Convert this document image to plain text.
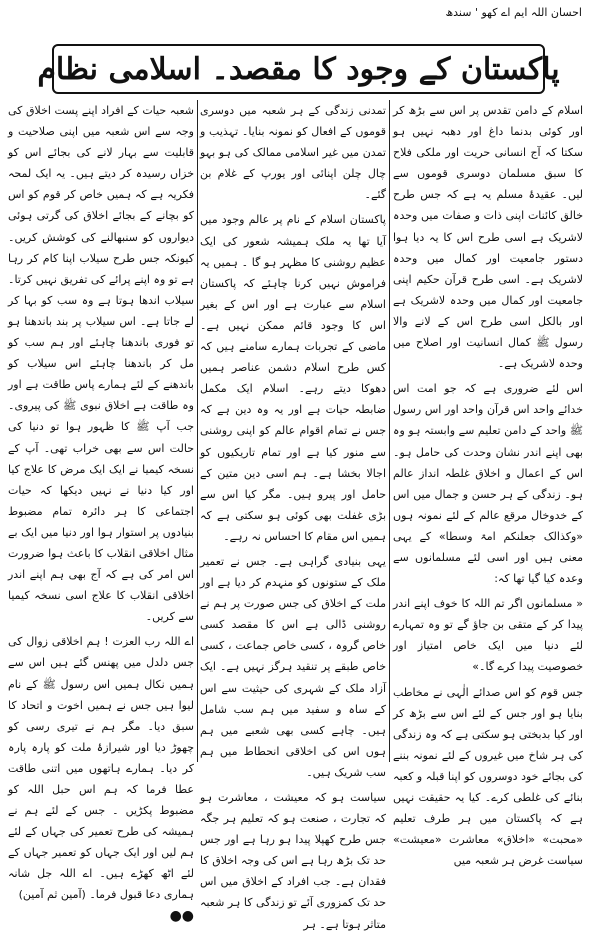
احسان اللہ ایم اے کھو ' سندھ
پاکستان کے وجود کا مقصد۔ اسلامی نظام

اسلام کے دامن تقدس پر اس سے بڑھ کر اور کوئی بدنما داغ اور دھبہ نہیں ہو سکتا کہ آج انسانی حریت اور ملکی فلاح کا سبق مسلمان دوسری قوموں سے لیں۔ عقیدۂ مسلم یہ ہے کہ جس طرح خالق کائنات اپنی ذات و صفات میں وحدہ لاشریک ہے اسی طرح اس کا یہ دیا ہوا دستور جامعیت اور کمال میں وحدہ لاشریک ہے۔ اسی طرح قرآن حکیم اپنی جامعیت اور کمال میں وحدہ لاشریک ہے اور بالکل اسی طرح اس کے لانے والا رسول ﷺ کمال انسانیت اور اصلاح میں وحدہ لاشریک ہے۔

اس لئے ضروری ہے کہ جو امت اس خدائے واحد اس قرآن واحد اور اس رسول ﷺ واحد کے دامن تعلیم سے وابستہ ہو وہ بھی اپنے اندر نشان وحدت کی حامل ہو۔ اس کے اعمال و اخلاق غلطہ انداز عالم ہو۔ زندگی کے ہر حسن و جمال میں اس کے خدوخال مرقع عالم کے لئے نمونہ ہوں «وکذالک جعلنکم امۃ وسطا» کے یہی معنی ہیں اور اسی لئے مسلمانوں سے وعدہ کیا گیا تھا کہ:

« مسلمانوں اگر تم اللہ کا خوف اپنے اندر پیدا کر کے متقی بن جاؤ گے تو وہ تمہارے لئے دنیا میں ایک خاص امتیاز اور خصوصیت پیدا کرے گا۔»

جس قوم کو اس صدائے الٰہی نے مخاطب بنایا ہو اور جس کے لئے اس سے بڑھ کر اور کیا بدبختی ہو سکتی ہے کہ وہ زندگی کی ہر شاخ میں غیروں کے لئے نمونہ بننے کی بجائے خود دوسروں کو اپنا قبلہ و کعبہ بنائے کی غلطی کرے۔ کیا یہ حقیقت نہیں ہے کہ پاکستان میں ہر طرف تعلیم «محبت» «اخلاق» معاشرت «معیشت» سیاست غرض ہر شعبہ میں

تمدنی زندگی کے ہر شعبہ میں دوسری قوموں کے افعال کو نمونہ بنایا۔ تہذیب و تمدن میں غیر اسلامی ممالک کی ہو بہو چال چلن اپنائی اور یورپ کے غلام بن گئے۔

پاکستان اسلام کے نام پر عالم وجود میں آیا تھا یہ ملک ہمیشہ شعور کی ایک عظیم روشنی کا مظہر ہو گا ۔ ہمیں یہ فراموش نہیں کرنا چاہئے کہ پاکستان اسلام سے عبارت ہے اور اس کے بغیر اس کا وجود قائم ممکن نہیں ہے۔ ماضی کے تجربات ہمارے سامنے ہیں کہ کس طرح اسلام دشمن عناصر ہمیں دھوکا دیتے رہے۔ اسلام ایک مکمل ضابطہ حیات ہے اور یہ وہ دین ہے کہ جس نے تمام اقوام عالم کو اپنی روشنی سے منور کیا ہے اور تمام تاریکیوں کو اجالا بخشا ہے۔ ہم اسی دین متین کے حامل اور پیرو ہیں۔ مگر کیا اس سے بڑی غفلت بھی کوئی ہو سکتی ہے کہ ہمیں اس مقام کا احساس نہ رہے۔

یہی بنیادی گراہی ہے۔ جس نے تعمیر ملک کے ستونوں کو منہدم کر دیا ہے اور ملت کے اخلاق کی جس صورت پر ہم نے روشنی ڈالی ہے اس کا مقصد کسی خاص گروہ ، کسی خاص جماعت ، کسی خاص طبقے پر تنقید ہرگز نہیں ہے۔ ایک آزاد ملک کے شہری کی حیثیت سے اس کے ساہ و سفید میں ہم سب شامل ہیں۔ چاہے کسی بھی شعبے میں ہم ہوں اس کی اخلاقی انحطاط میں ہم سب شریک ہیں۔

سیاست ہو کہ معیشت ، معاشرت ہو کہ تجارت ، صنعت ہو کہ تعلیم ہر جگہ جس طرح کھپلا پیدا ہو رہا ہے اور جس حد تک بڑھ رہا ہے اس کی وجہ اخلاق کا فقدان ہے۔ جب افراد کے اخلاق میں اس حد تک کمزوری آئے تو زندگی کا ہر شعبہ متاثر ہوتا ہے۔ ہر

شعبہ حیات کے افراد اپنے پست اخلاق کی وجہ سے اس شعبہ میں اپنی صلاحیت و قابلیت سے بہار لانے کی بجائے اس کو خزاں رسیدہ کر دیتے ہیں۔ یہ ایک لمحہ فکریہ ہے کہ ہمیں خاص کر قوم کو اس کو بچانے کے بجائے اخلاق کی گرتی ہوئی دیواروں کو سنبھالنے کی کوشش کریں۔ کیونکہ جس طرح سیلاب اپنا کام کر رہا ہے تو وہ اپنے پرائے کی تفریق نہیں کرتا۔ سیلاب اندھا ہوتا ہے وہ سب کو بہا کر لے جاتا ہے۔ اس سیلاب پر بند باندھنا ہو تو فوری باندھنا چاہئے اور ہم سب کو مل کر باندھنا چاہئے اس سیلاب کو باندھنے کے لئے ہمارے پاس طاقت ہے اور وہ طاقت ہے اخلاق نبوی ﷺ کی پیروی۔ جب آپ ﷺ کا ظہور ہوا تو دنیا کی حالت اس سے بھی خراب تھی۔ آپ کے نسخہ کیمیا نے ایک ایک مرض کا علاج کیا اور کیا دنیا نے نہیں دیکھا کہ حیات اجتماعی کا ہر دائرہ تمام مضبوط بنیادوں پر استوار ہوا اور دنیا میں ایک بے مثال اخلاقی انقلاب کا باعث ہوا ضرورت اس امر کی ہے کہ آج بھی ہم اپنے اندر اخلاقی انقلاب کا علاج اسی نسخہ کیمیا سے کریں۔

اے اللہ رب العزت ! ہم اخلاقی زوال کی جس دلدل میں پھنس گئے ہیں اس سے ہمیں نکال ہمیں اس رسول ﷺ کے نام لیوا ہیں جس نے ہمیں اخوت و اتحاد کا سبق دیا۔ مگر ہم نے تیری رسی کو چھوڑ دیا اور شیرازۂ ملت کو پارہ پارہ کر دیا۔ ہمارے ہاتھوں میں اتنی طاقت عطا فرما کہ ہم اس حبل اللہ کو مضبوط پکڑیں ۔ جس کے لئے ہم نے ہمیشہ کی طرح تعمیر کی جہاں کے لئے ہم لیں اور ایک جہاں کو تعمیر جہاں کے لئے اٹھ کھڑے ہیں۔ اے اللہ جل شانہ ہماری دعا قبول فرما۔ (آمین ثم آمین)

●●
